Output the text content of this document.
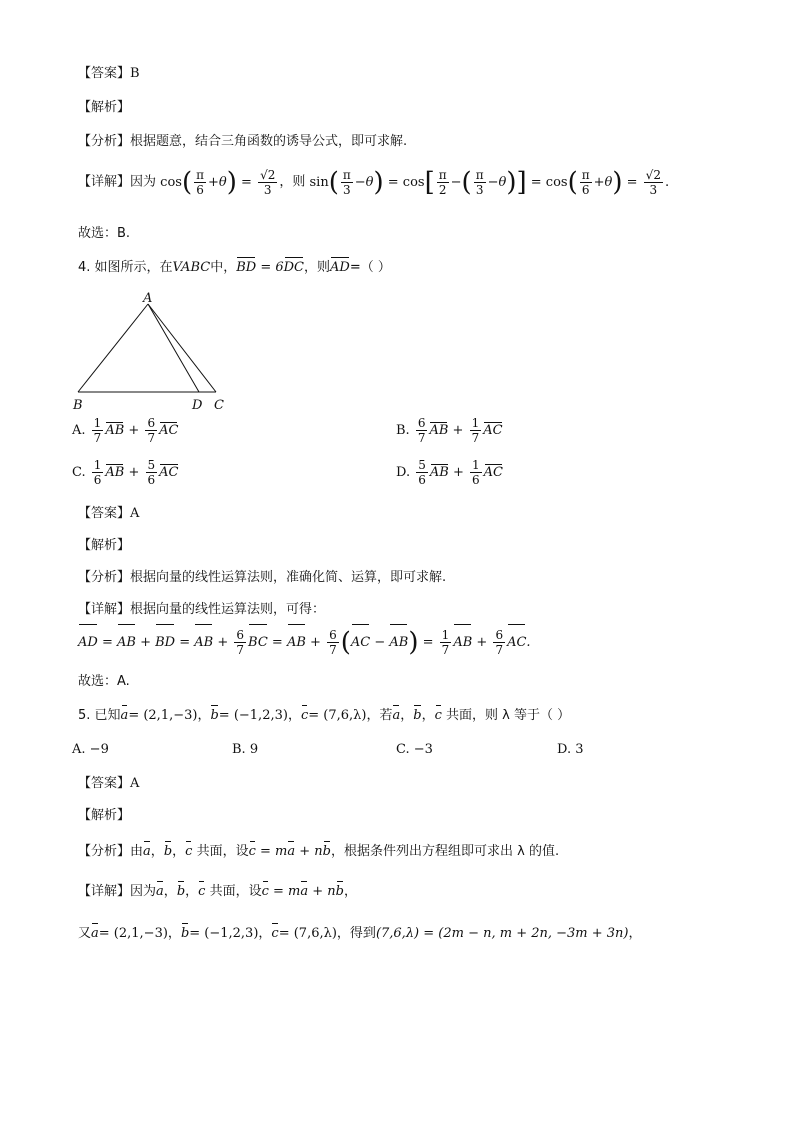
【答案】B
【解析】
【分析】根据题意，结合三角函数的诱导公式，即可求解.
【详解】因为 $\cos( \frac{\pi}{6} +\theta) = \frac{√2}{3}$ ，则 $\sin( \frac{\pi}{3} -\theta) = \cos[ \frac{\pi}{2}$ −( $\frac{\pi}{3} -\theta)] = \cos( \frac{\pi}{6} +\theta) = \frac{√2}{3}$ .
故选：B.
4. 如图所示，在VABC中，BD = 6DC，则AD=（ ）
A
B	D C
A. $\frac{1}{7}$ AB + $\frac{6}{7}$ AC	B. $\frac{6}{7}$ AB + $\frac{1}{7}$ AC
C. $\frac{1}{6}$ AB + $\frac{5}{6}$ AC	D. $\frac{5}{6}$ AB + $\frac{1}{6}$ AC
【答案】A
【解析】
【分析】根据向量的线性运算法则，准确化简、运算，即可求解.
【详解】根据向量的线性运算法则，可得：
AD = AB + BD = AB + $\frac{6}{7}$ BC = AB + $\frac{6}{7} (AC - AB) = \frac{1}{7}$ AB + $\frac{6}{7}$ AC.
故选：A.
5. 已知a= (2,1,−3)，b= (−1,2,3)，c= (7,6,λ)，若a，b，c 共面，则 λ 等于（ ）
A. −9	B. 9	C. −3	D. 3
【答案】A
【解析】
【分析】由a，b，c 共面，设c = ma + nb，根据条件列出方程组即可求出 λ 的值.
【详解】因为a，b，c 共面，设c = ma + nb，
又a= (2,1,−3)，b= (−1,2,3)，c= (7,6,λ)，得到(7,6,λ) = (2m − n, m + 2n, −3m + 3n)，
